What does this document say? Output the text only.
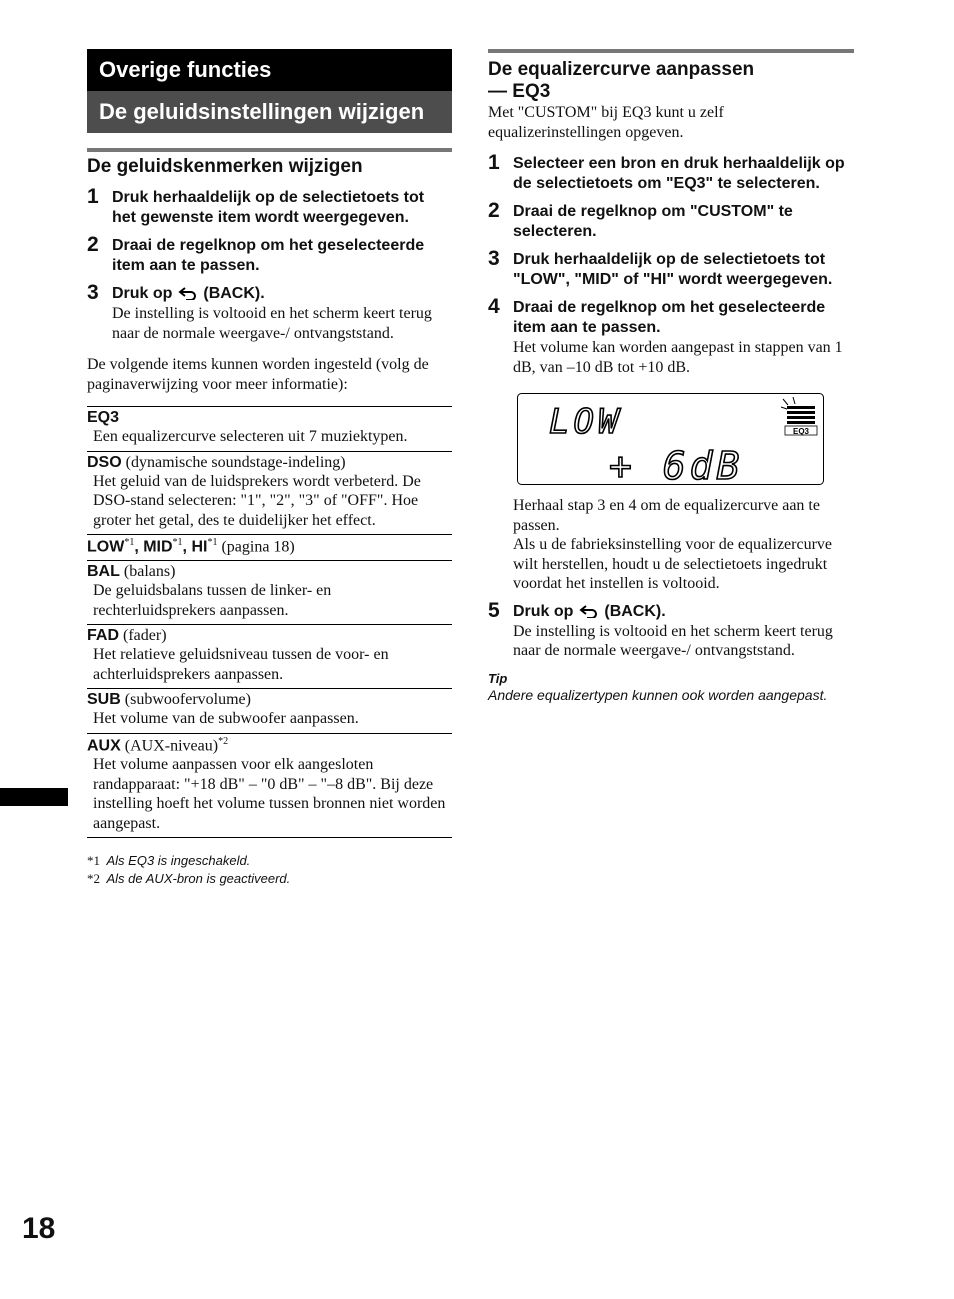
Overige functies
De geluidsinstellingen wijzigen
De geluidskenmerken wijzigen
1 Druk herhaaldelijk op de selectietoets tot het gewenste item wordt weergegeven.
2 Draai de regelknop om het geselecteerde item aan te passen.
3 Druk op (BACK).
De instelling is voltooid en het scherm keert terug naar de normale weergave-/ ontvangststand.
De volgende items kunnen worden ingesteld (volg de paginaverwijzing voor meer informatie):
EQ3
Een equalizercurve selecteren uit 7 muziektypen.
DSO (dynamische soundstage-indeling)
Het geluid van de luidsprekers wordt verbeterd. De DSO-stand selecteren: "1", "2", "3" of "OFF". Hoe groter het getal, des te duidelijker het effect.
LOW$^{*1}$, MID$^{*1}$, HI$^{*1}$ (pagina 18)
BAL (balans)
De geluidsbalans tussen de linker- en rechterluidsprekers aanpassen.
FAD (fader)
Het relatieve geluidsniveau tussen de voor- en achterluidsprekers aanpassen.
SUB (subwoofervolume)
Het volume van de subwoofer aanpassen.
AUX (AUX-niveau)$^{*2}$
Het volume aanpassen voor elk aangesloten randapparaat: "+18 dB" – "0 dB" – "–8 dB". Bij deze instelling hoeft het volume tussen bronnen niet worden aangepast.
*1 Als EQ3 is ingeschakeld.
*2 Als de AUX-bron is geactiveerd.
De equalizercurve aanpassen
— EQ3
Met "CUSTOM" bij EQ3 kunt u zelf equalizerinstellingen opgeven.
1 Selecteer een bron en druk herhaaldelijk op de selectietoets om "EQ3" te selecteren.
2 Draai de regelknop om "CUSTOM" te selecteren.
3 Druk herhaaldelijk op de selectietoets tot "LOW", "MID" of "HI" wordt weergegeven.
4 Draai de regelknop om het geselecteerde item aan te passen.
Het volume kan worden aangepast in stappen van 1 dB, van –10 dB tot +10 dB.
LOW
+ 6dB
EQ3
Herhaal stap 3 en 4 om de equalizercurve aan te passen.
Als u de fabrieksinstelling voor de equalizercurve wilt herstellen, houdt u de selectietoets ingedrukt voordat het instellen is voltooid.
5 Druk op (BACK).
De instelling is voltooid en het scherm keert terug naar de normale weergave-/ ontvangststand.
Tip
Andere equalizertypen kunnen ook worden aangepast.
18
